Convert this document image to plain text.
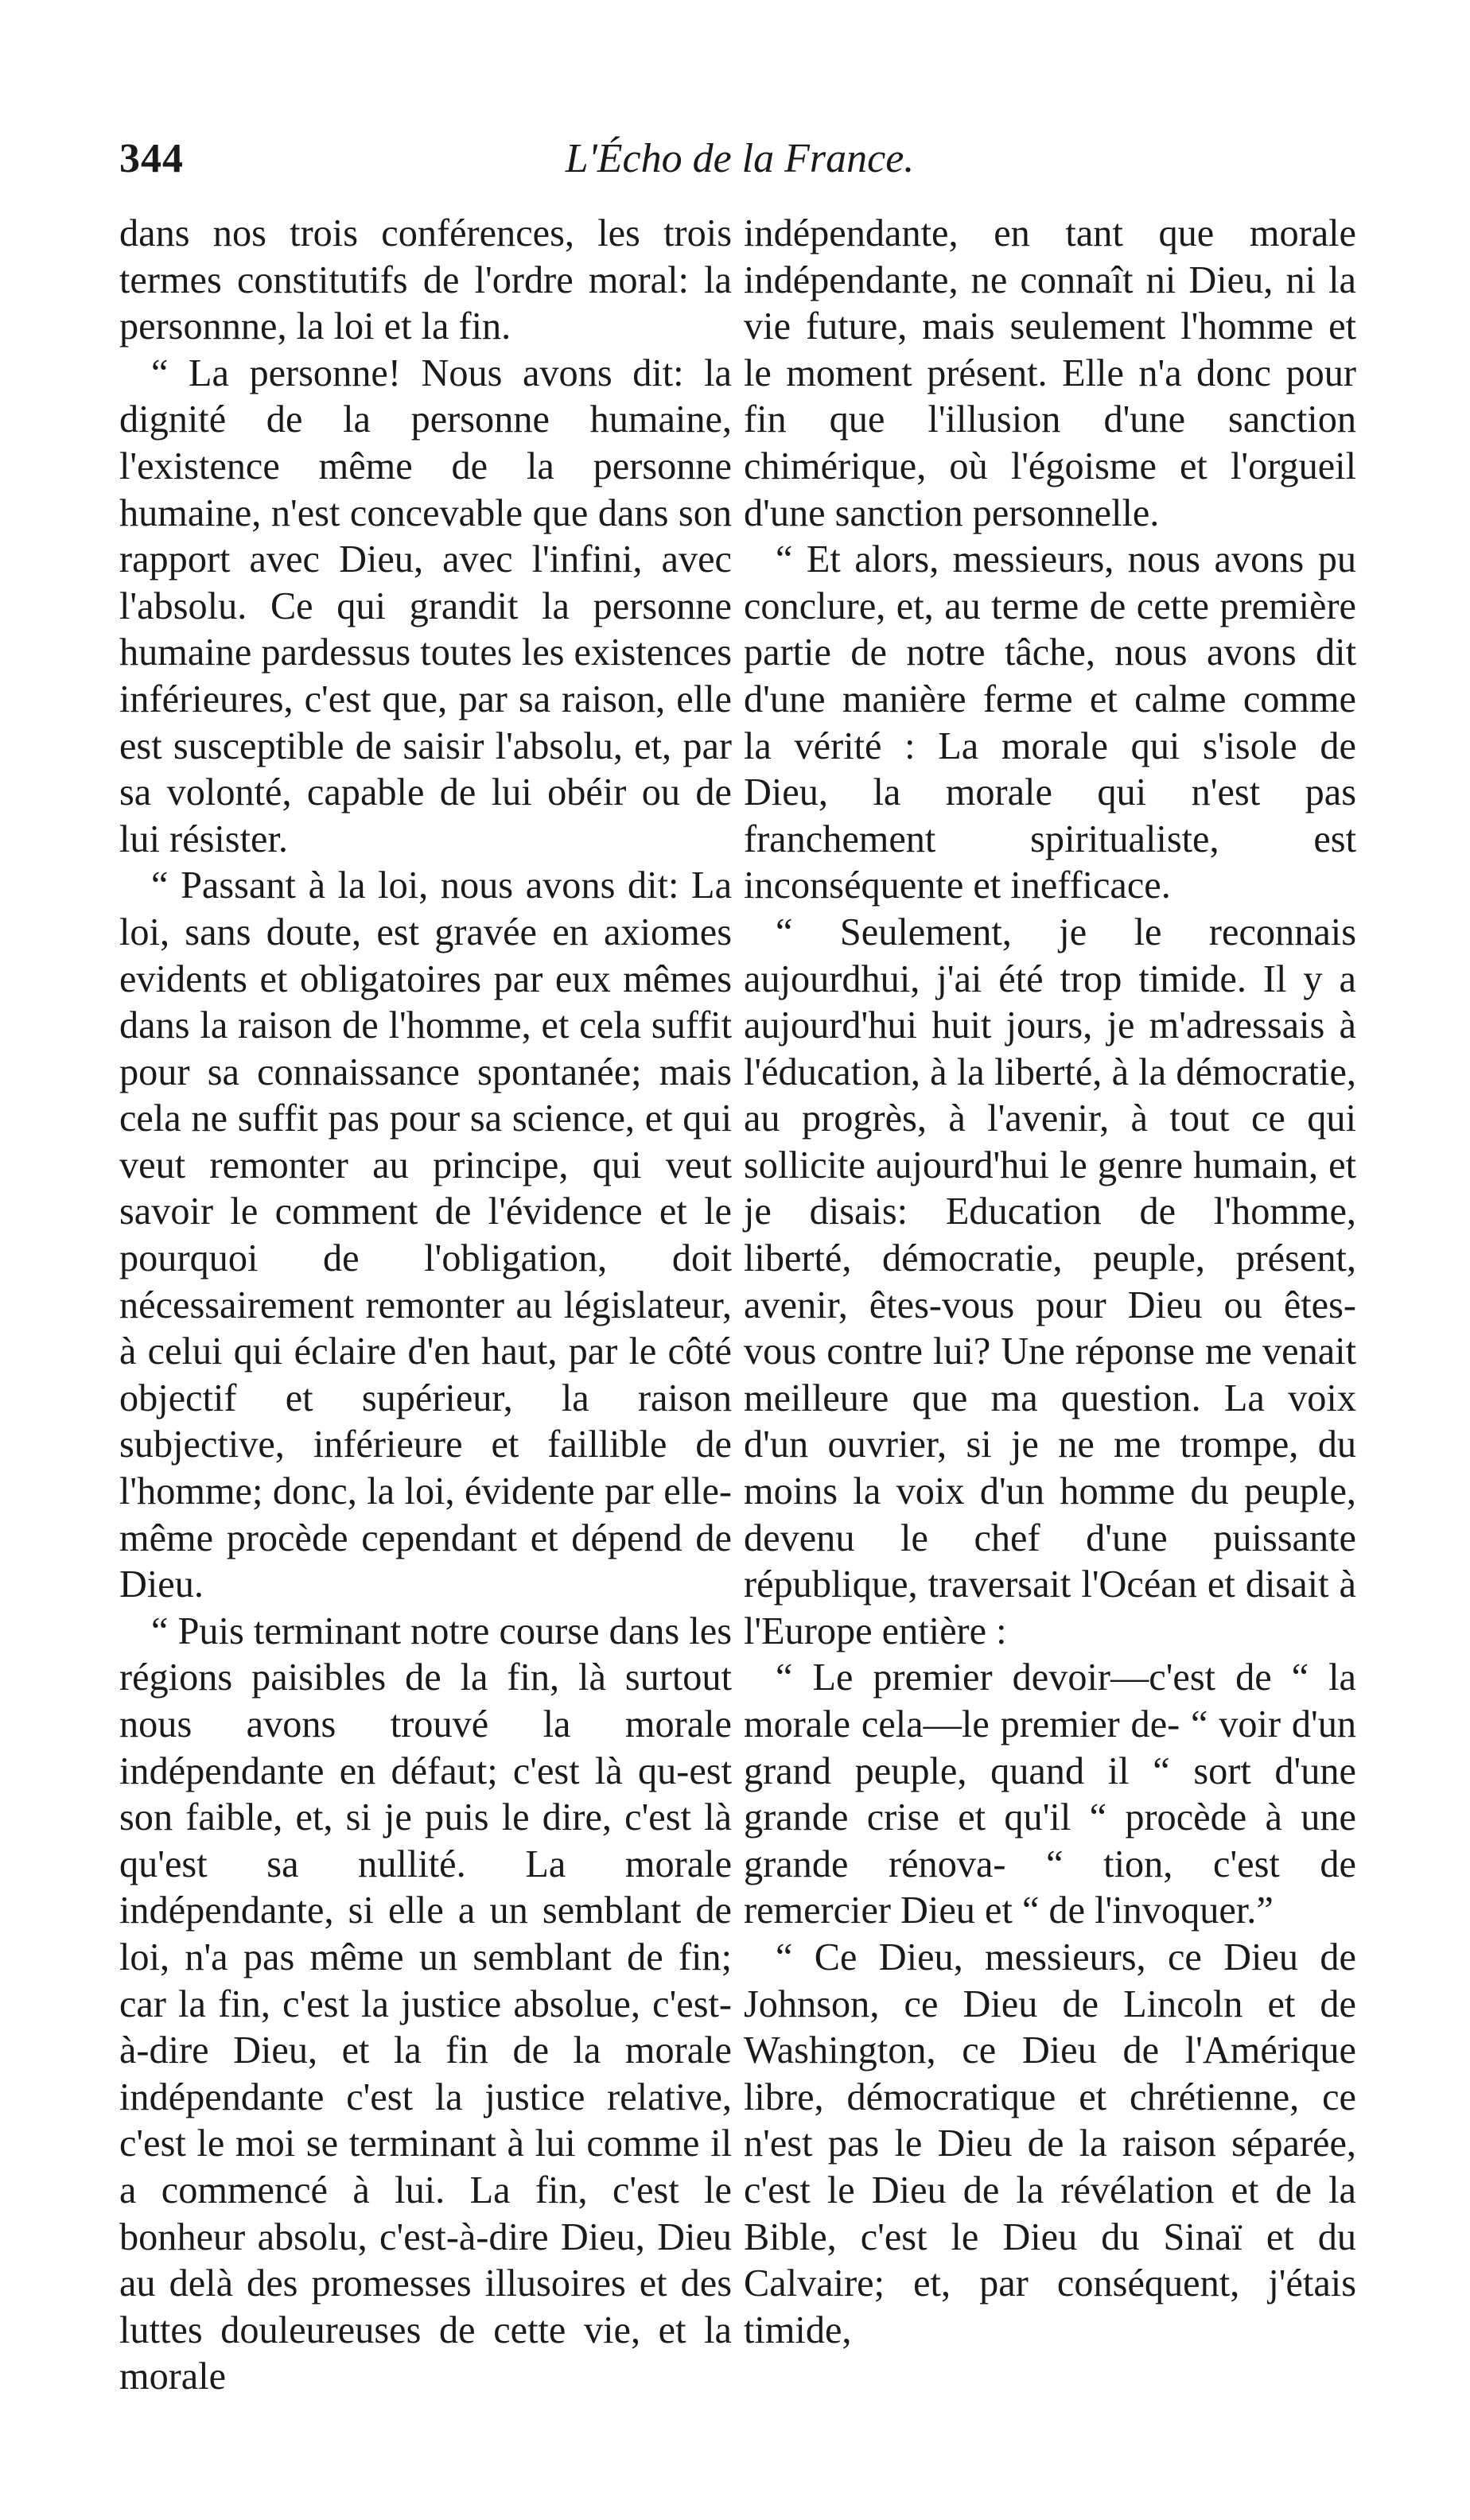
344	L'Écho de la France.

dans nos trois conférences, les trois termes constitutifs de l'ordre moral: la personnne, la loi et la fin.

“ La personne! Nous avons dit: la dignité de la personne humaine, l'existence même de la personne humaine, n'est concevable que dans son rapport avec Dieu, avec l'infini, avec l'absolu. Ce qui grandit la personne humaine pardessus toutes les existences inférieures, c'est que, par sa raison, elle est susceptible de saisir l'absolu, et, par sa volonté, capable de lui obéir ou de lui résister.

“ Passant à la loi, nous avons dit: La loi, sans doute, est gravée en axiomes evidents et obligatoires par eux mêmes dans la raison de l'homme, et cela suffit pour sa connaissance spontanée; mais cela ne suffit pas pour sa science, et qui veut remonter au principe, qui veut savoir le comment de l'évidence et le pourquoi de l'obligation, doit nécessairement remonter au législateur, à celui qui éclaire d'en haut, par le côté objectif et supérieur, la raison subjective, inférieure et faillible de l'homme; donc, la loi, évidente par elle-même procède cependant et dépend de Dieu.

“ Puis terminant notre course dans les régions paisibles de la fin, là surtout nous avons trouvé la morale indépendante en défaut; c'est là qu-est son faible, et, si je puis le dire, c'est là qu'est sa nullité. La morale indépendante, si elle a un semblant de loi, n'a pas même un semblant de fin; car la fin, c'est la justice absolue, c'est-à-dire Dieu, et la fin de la morale indépendante c'est la justice relative, c'est le moi se terminant à lui comme il a commencé à lui. La fin, c'est le bonheur absolu, c'est-à-dire Dieu, Dieu au delà des promesses illusoires et des luttes douleureuses de cette vie, et la morale

indépendante, en tant que morale indépendante, ne connaît ni Dieu, ni la vie future, mais seulement l'homme et le moment présent. Elle n'a donc pour fin que l'illusion d'une sanction chimérique, où l'égoisme et l'orgueil d'une sanction personnelle.

“ Et alors, messieurs, nous avons pu conclure, et, au terme de cette première partie de notre tâche, nous avons dit d'une manière ferme et calme comme la vérité : La morale qui s'isole de Dieu, la morale qui n'est pas franchement spiritualiste, est inconséquente et inefficace.

“ Seulement, je le reconnais aujourdhui, j'ai été trop timide. Il y a aujourd'hui huit jours, je m'adressais à l'éducation, à la liberté, à la démocratie, au progrès, à l'avenir, à tout ce qui sollicite aujourd'hui le genre humain, et je disais: Education de l'homme, liberté, démocratie, peuple, présent, avenir, êtes-vous pour Dieu ou êtes-vous contre lui? Une réponse me venait meilleure que ma question. La voix d'un ouvrier, si je ne me trompe, du moins la voix d'un homme du peuple, devenu le chef d'une puissante république, traversait l'Océan et disait à l'Europe entière :

“ Le premier devoir—c'est de “ la morale cela—le premier de- “ voir d'un grand peuple, quand il “ sort d'une grande crise et qu'il “ procède à une grande rénova- “ tion, c'est de remercier Dieu et “ de l'invoquer.”

“ Ce Dieu, messieurs, ce Dieu de Johnson, ce Dieu de Lincoln et de Washington, ce Dieu de l'Amérique libre, démocratique et chrétienne, ce n'est pas le Dieu de la raison séparée, c'est le Dieu de la révélation et de la Bible, c'est le Dieu du Sinaï et du Calvaire; et, par conséquent, j'étais timide,
